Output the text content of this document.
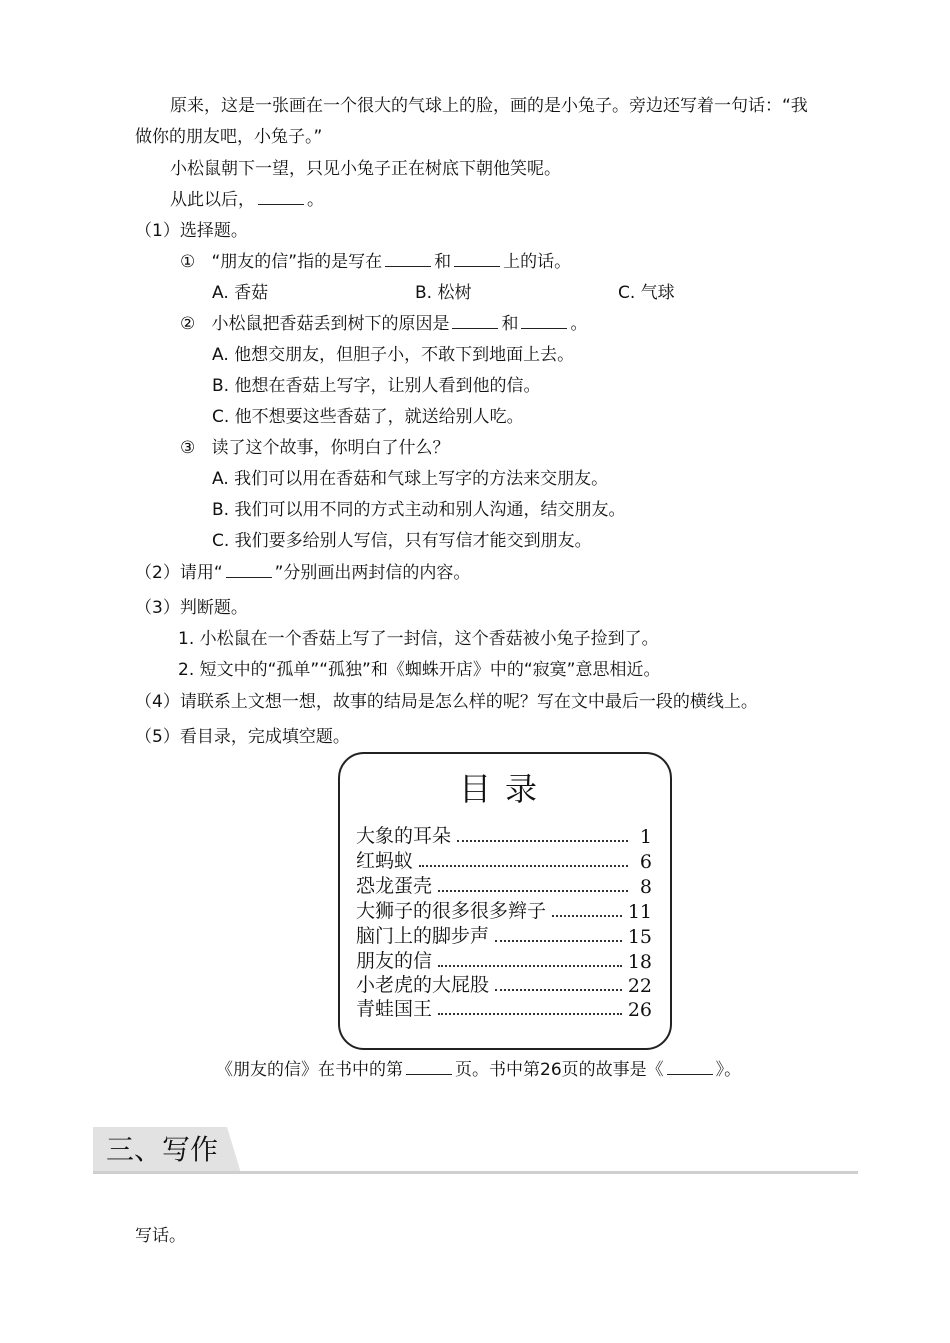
原来，这是一张画在一个很大的气球上的脸，画的是小兔子。旁边还写着一句话：“我
做你的朋友吧，小兔子。”
小松鼠朝下一望，只见小兔子正在树底下朝他笑呢。
从此以后，	。
（1）选择题。
① “朋友的信”指的是写在	和	上的话。
A. 香菇	B. 松树	C. 气球
② 小松鼠把香菇丢到树下的原因是	和	。
A. 他想交朋友，但胆子小，不敢下到地面上去。
B. 他想在香菇上写字，让别人看到他的信。
C. 他不想要这些香菇了，就送给别人吃。
③ 读了这个故事，你明白了什么？
A. 我们可以用在香菇和气球上写字的方法来交朋友。
B. 我们可以用不同的方式主动和别人沟通，结交朋友。
C. 我们要多给别人写信，只有写信才能交到朋友。
（2）请用“	”分别画出两封信的内容。
（3）判断题。
1. 小松鼠在一个香菇上写了一封信，这个香菇被小兔子捡到了。
2. 短文中的“孤单”“孤独”和《蜘蛛开店》中的“寂寞”意思相近。
（4）请联系上文想一想，故事的结局是怎么样的呢？写在文中最后一段的横线上。
（5）看目录，完成填空题。
目录
大象的耳朵	1
红蚂蚁	6
恐龙蛋壳	8
大狮子的很多很多辫子	11
脑门上的脚步声	15
朋友的信	18
小老虎的大屁股	22
青蛙国王	26
《朋友的信》在书中的第	页。书中第26页的故事是《	》。
三、写作
写话。
